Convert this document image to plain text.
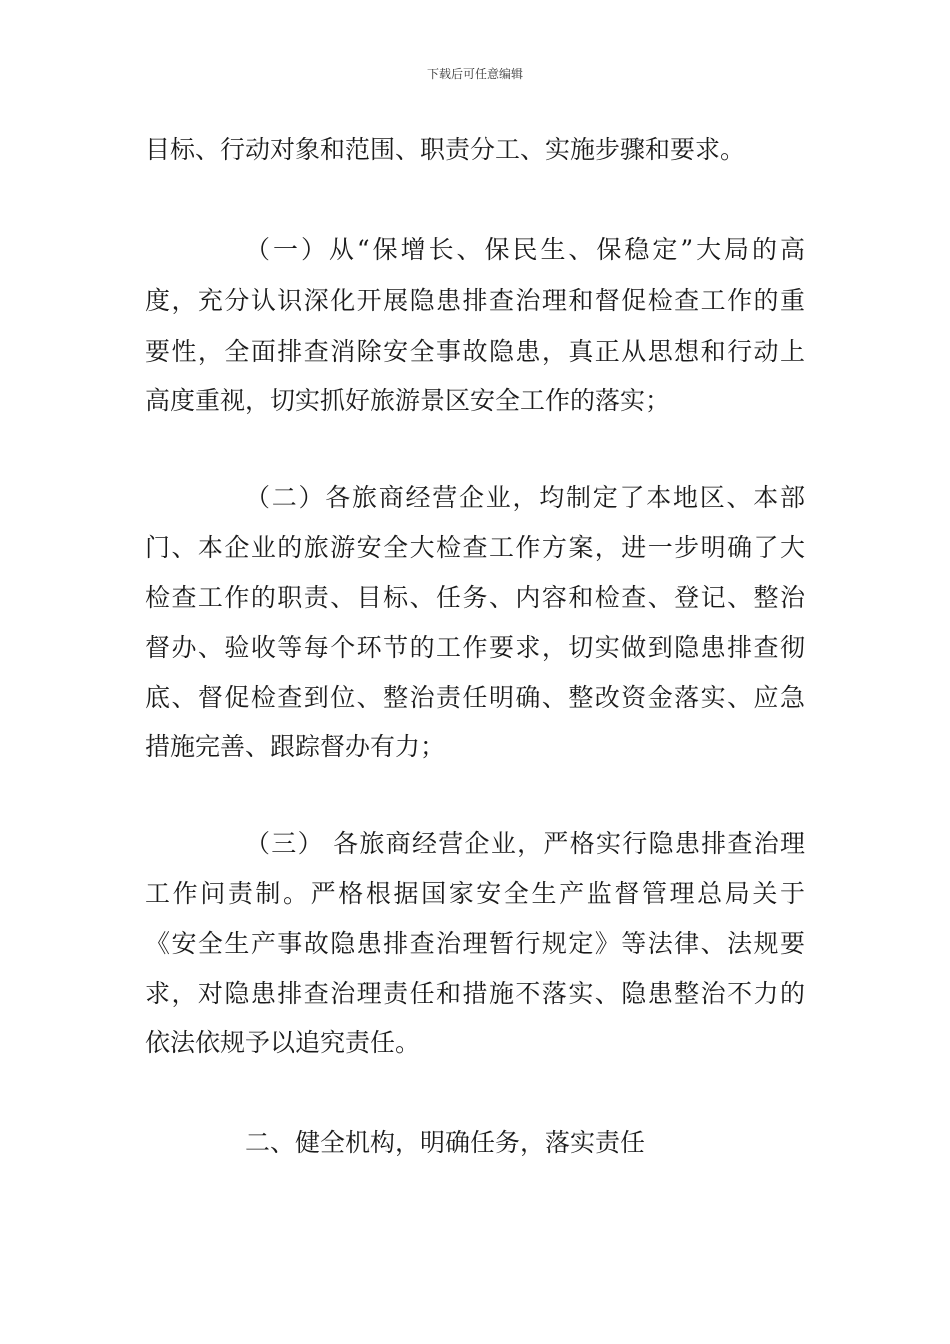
下载后可任意编辑
目标、行动对象和范围、职责分工、实施步骤和要求。
（一）从“保增长、保民生、保稳定”大局的高
度，充分认识深化开展隐患排查治理和督促检查工作的重
要性，全面排查消除安全事故隐患，真正从思想和行动上
高度重视，切实抓好旅游景区安全工作的落实；
（二）各旅商经营企业，均制定了本地区、本部
门、本企业的旅游安全大检查工作方案，进一步明确了大
检查工作的职责、目标、任务、内容和检查、登记、整治
督办、验收等每个环节的工作要求，切实做到隐患排查彻
底、督促检查到位、整治责任明确、整改资金落实、应急
措施完善、跟踪督办有力；
（三） 各旅商经营企业，严格实行隐患排查治理
工作问责制。严格根据国家安全生产监督管理总局关于
《安全生产事故隐患排查治理暂行规定》等法律、法规要
求，对隐患排查治理责任和措施不落实、隐患整治不力的
依法依规予以追究责任。
二、健全机构，明确任务，落实责任
